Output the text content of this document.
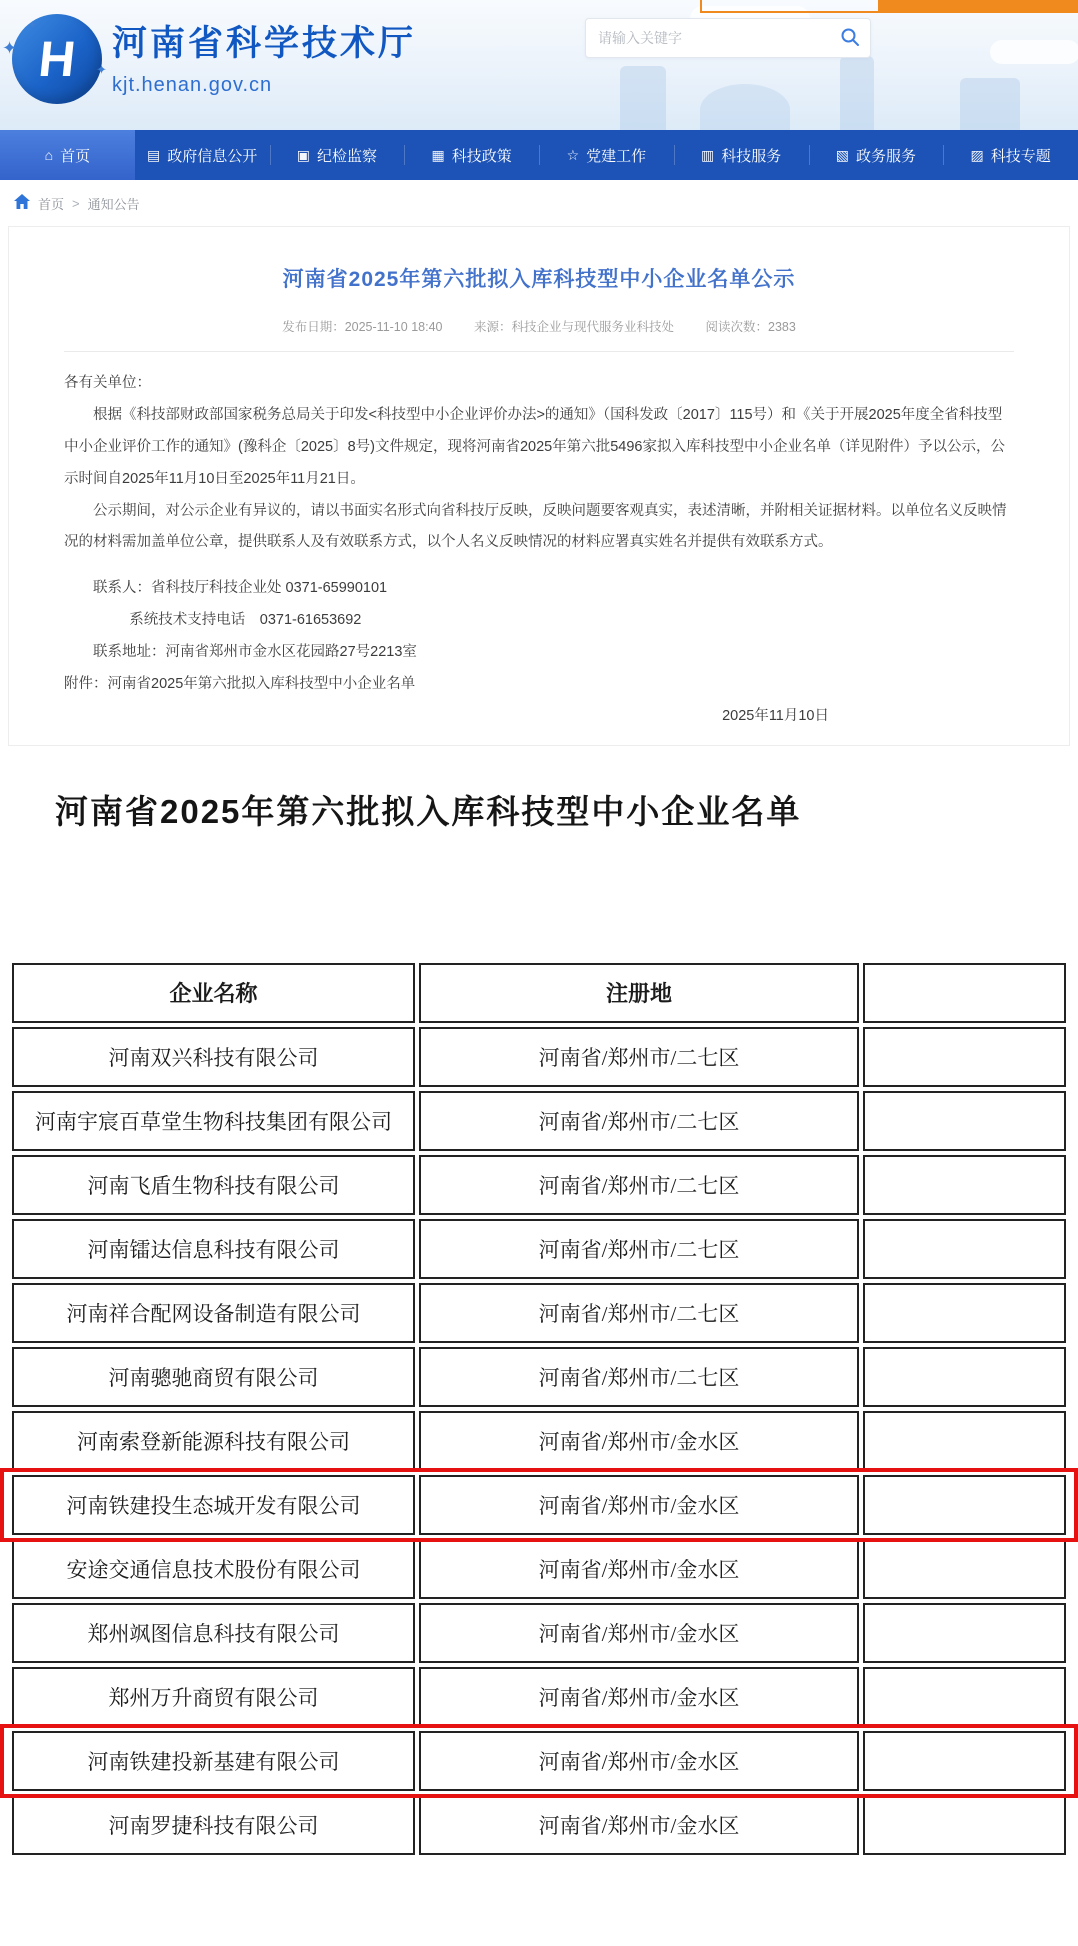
H
✦
✦
✦
河南省科学技术厅
kjt.henan.gov.cn
请输入关键字
⌂ 首页	▤ 政府信息公开	▣ 纪检监察	▦ 科技政策	☆ 党建工作	▥ 科技服务	▧ 政务服务	▨ 科技专题
首页 > 通知公告
河南省2025年第六批拟入库科技型中小企业名单公示
发布日期：2025-11-10 18:40	来源：科技企业与现代服务业科技处	阅读次数：2383

各有关单位：

根据《科技部财政部国家税务总局关于印发<科技型中小企业评价办法>的通知》（国科发政〔2017〕115号）和《关于开展2025年度全省科技型中小企业评价工作的通知》(豫科企〔2025〕8号)文件规定，现将河南省2025年第六批5496家拟入库科技型中小企业名单（详见附件）予以公示，公示时间自2025年11月10日至2025年11月21日。

公示期间，对公示企业有异议的，请以书面实名形式向省科技厅反映，反映问题要客观真实，表述清晰，并附相关证据材料。以单位名义反映情况的材料需加盖单位公章，提供联系人及有效联系方式，以个人名义反映情况的材料应署真实姓名并提供有效联系方式。

联系人：省科技厅科技企业处 0371-65990101

系统技术支持电话　0371-61653692

联系地址：河南省郑州市金水区花园路27号2213室

附件：河南省2025年第六批拟入库科技型中小企业名单

2025年11月10日

河南省2025年第六批拟入库科技型中小企业名单
企业名称	注册地	
河南双兴科技有限公司	河南省/郑州市/二七区	
河南宇宸百草堂生物科技集团有限公司	河南省/郑州市/二七区	
河南飞盾生物科技有限公司	河南省/郑州市/二七区	
河南镭达信息科技有限公司	河南省/郑州市/二七区	
河南祥合配网设备制造有限公司	河南省/郑州市/二七区	
河南骢驰商贸有限公司	河南省/郑州市/二七区	
河南索登新能源科技有限公司	河南省/郑州市/金水区	
河南铁建投生态城开发有限公司	河南省/郑州市/金水区	
安途交通信息技术股份有限公司	河南省/郑州市/金水区	
郑州飒图信息科技有限公司	河南省/郑州市/金水区	
郑州万升商贸有限公司	河南省/郑州市/金水区	
河南铁建投新基建有限公司	河南省/郑州市/金水区	
河南罗捷科技有限公司	河南省/郑州市/金水区	
